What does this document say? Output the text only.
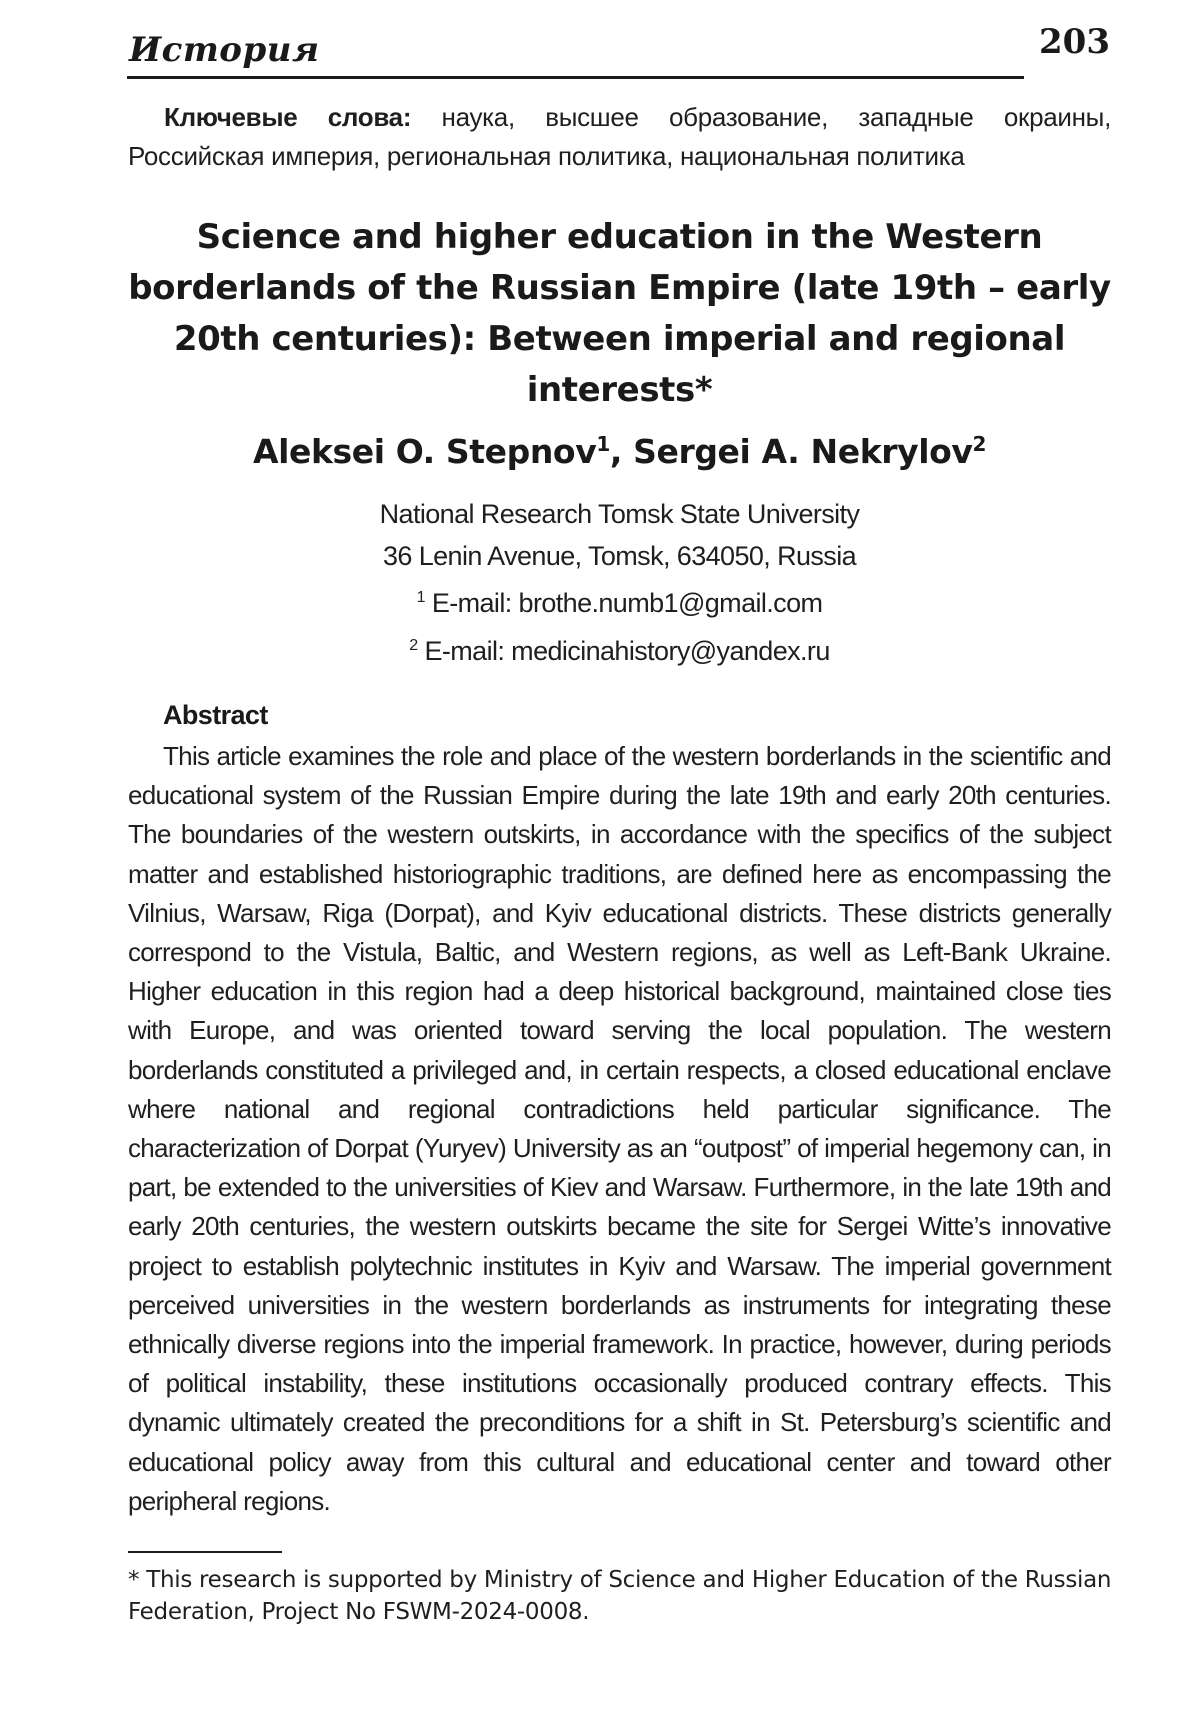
История	203
Ключевые слова: наука, высшее образование, западные окраины, Российская империя, региональная политика, национальная политика
Science and higher education in the Western borderlands of the Russian Empire (late 19th – early 20th centuries): Between imperial and regional interests*
Aleksei O. Stepnov$^1$, Sergei A. Nekrylov$^2$
National Research Tomsk State University
36 Lenin Avenue, Tomsk, 634050, Russia
$^1$ E-mail: brothe.numb1@gmail.com
$^2$ E-mail: medicinahistory@yandex.ru
Abstract
This article examines the role and place of the western borderlands in the scientific and educational system of the Russian Empire during the late 19th and early 20th centuries. The boundaries of the western outskirts, in accordance with the specifics of the subject matter and established historiographic traditions, are defined here as encompassing the Vilnius, Warsaw, Riga (Dorpat), and Kyiv educational districts. These districts generally correspond to the Vistula, Baltic, and Western regions, as well as Left-Bank Ukraine. Higher education in this region had a deep historical background, maintained close ties with Europe, and was oriented toward serving the local population. The western borderlands constituted a privileged and, in certain respects, a closed educational enclave where national and regional contradictions held particular significance. The characterization of Dorpat (Yuryev) University as an “outpost” of imperial hegemony can, in part, be extended to the universities of Kiev and Warsaw. Furthermore, in the late 19th and early 20th centuries, the western outskirts became the site for Sergei Witte’s innovative project to establish polytechnic institutes in Kyiv and Warsaw. The imperial government perceived universities in the western borderlands as instruments for integrating these ethnically diverse regions into the imperial framework. In practice, however, during periods of political instability, these institutions occasionally produced contrary effects. This dynamic ultimately created the preconditions for a shift in St. Petersburg’s scientific and educational policy away from this cultural and educational center and toward other peripheral regions.
* This research is supported by Ministry of Science and Higher Education of the Russian Federation, Project No FSWM-2024-0008.
